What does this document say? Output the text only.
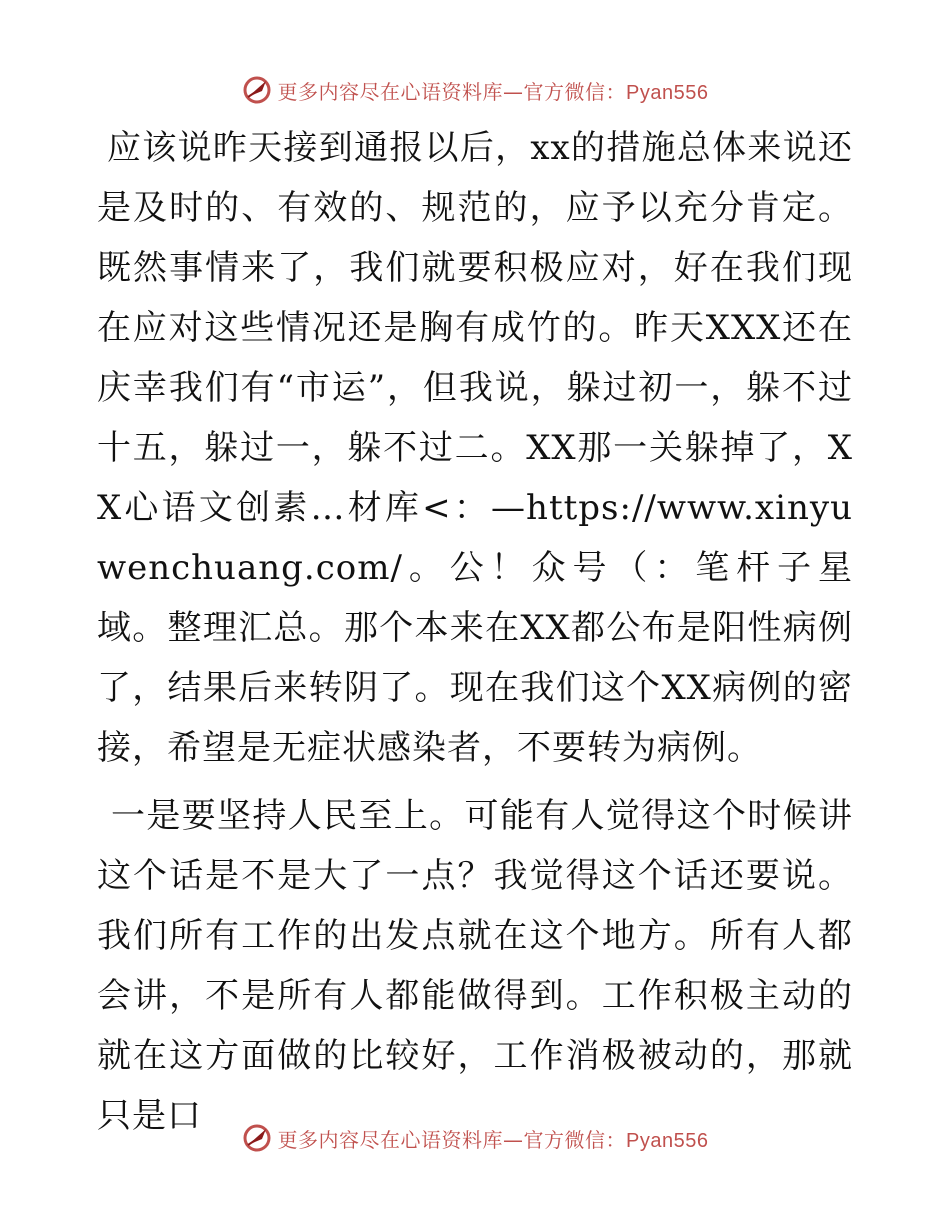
更多内容尽在心语资料库—官方微信：Pyan556

应该说昨天接到通报以后，xx的措施总体来说还是及时的、有效的、规范的，应予以充分肯定。既然事情来了，我们就要积极应对，好在我们现在应对这些情况还是胸有成竹的。昨天XXX还在庆幸我们有“市运”，但我说，躲过初一，躲不过十五，躲过一，躲不过二。XX那一关躲掉了，XX心语文创素…材库<：—https://www.xinyuwenchuang.com/。公！众号（：笔杆子星域。整理汇总。那个本来在XX都公布是阳性病例了，结果后来转阴了。现在我们这个XX病例的密接，希望是无症状感染者，不要转为病例。

一是要坚持人民至上。可能有人觉得这个时候讲这个话是不是大了一点？我觉得这个话还要说。我们所有工作的出发点就在这个地方。所有人都会讲，不是所有人都能做得到。工作积极主动的就在这方面做的比较好，工作消极被动的，那就只是口

更多内容尽在心语资料库—官方微信：Pyan556
